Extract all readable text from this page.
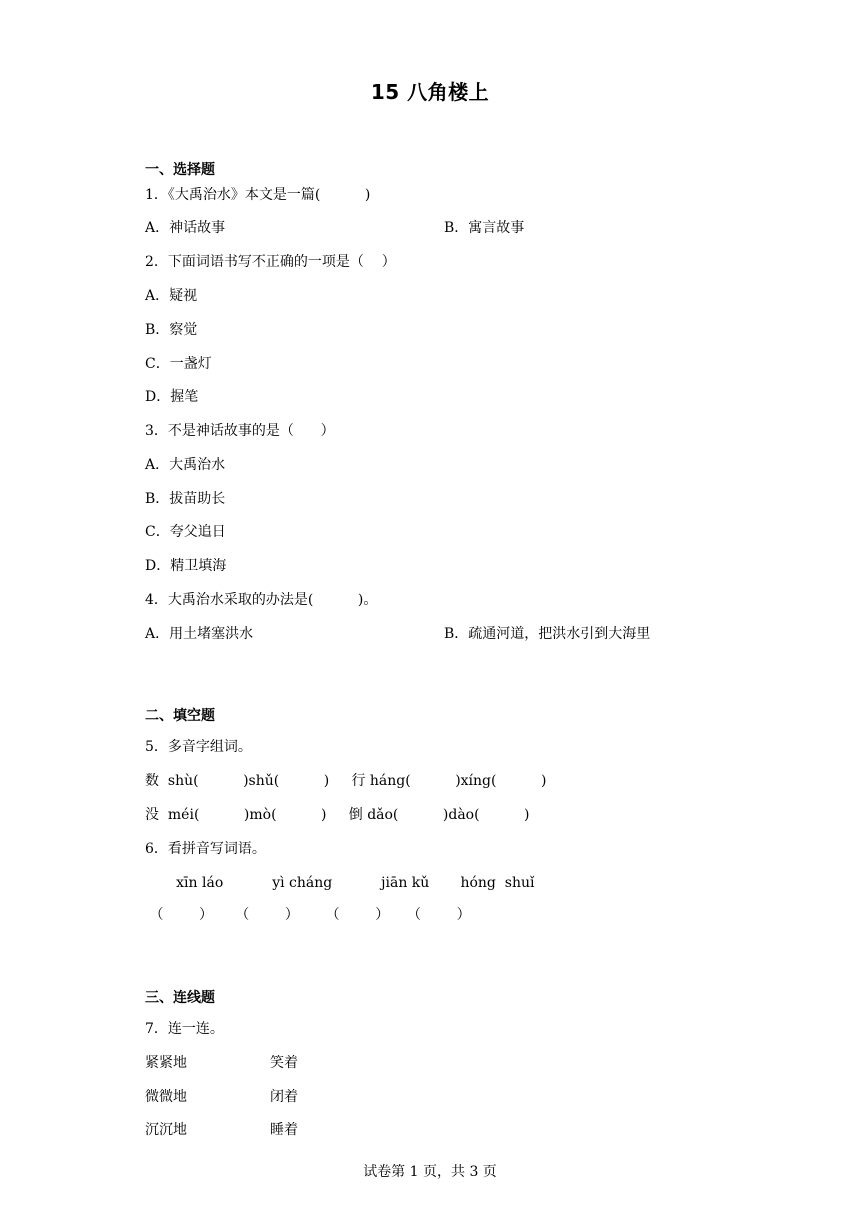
15 八角楼上
一、选择题
1．《大禹治水》本文是一篇(          )
A．神话故事	B．寓言故事
2．下面词语书写不正确的一项是（    ）
A．疑视
B．察觉
C．一盏灯
D．握笔
3．不是神话故事的是（      ）
A．大禹治水
B．拔苗助长
C．夸父追日
D．精卫填海
4．大禹治水采取的办法是(          )。
A．用土堵塞洪水	B．疏通河道，把洪水引到大海里
二、填空题
5．多音字组词。
数  shù(          )shǔ(          )     行 háng(          )xíng(          )
没  méi(          )mò(          )     倒 dǎo(          )dào(          )
6．看拼音写词语。
xīn láo           yì cháng           jiān kǔ       hóng  shuǐ
（        ）     （        ）      （        ）    （        ）
三、连线题
7．连一连。
紧紧地	笑着
微微地	闭着
沉沉地	睡着
试卷第 1 页，共 3 页
